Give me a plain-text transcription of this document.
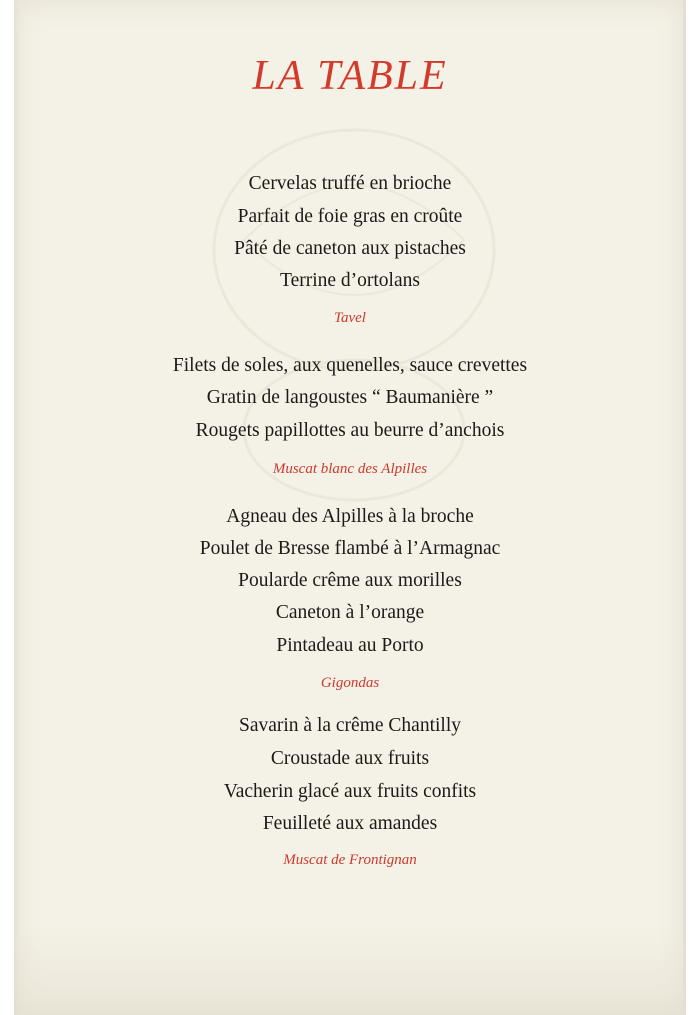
LA TABLE
Cervelas truffé en brioche
Parfait de foie gras en croûte
Pâté de caneton aux pistaches
Terrine d’ortolans
Tavel
Filets de soles, aux quenelles, sauce crevettes
Gratin de langoustes “ Baumanière ”
Rougets papillottes au beurre d’anchois
Muscat blanc des Alpilles
Agneau des Alpilles à la broche
Poulet de Bresse flambé à l’Armagnac
Poularde crême aux morilles
Caneton à l’orange
Pintadeau au Porto
Gigondas
Savarin à la crême Chantilly
Croustade aux fruits
Vacherin glacé aux fruits confits
Feuilleté aux amandes
Muscat de Frontignan
